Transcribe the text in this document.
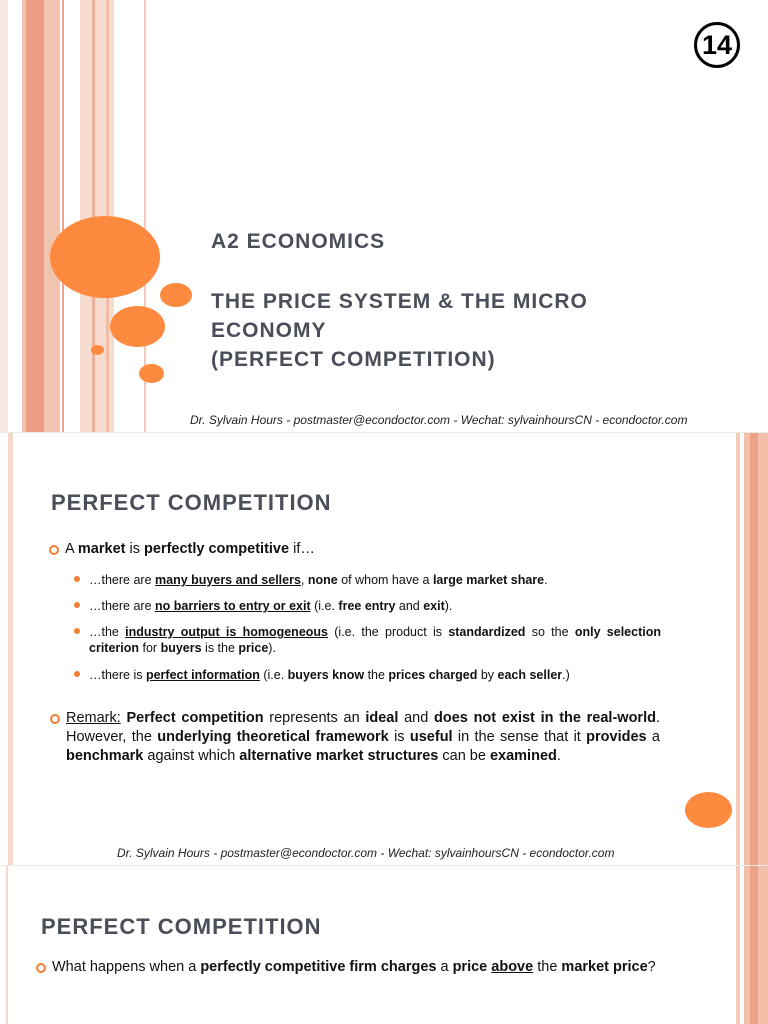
14
A2 ECONOMICS
THE PRICE SYSTEM & THE MICRO
ECONOMY
(PERFECT COMPETITION)
Dr. Sylvain Hours - postmaster@econdoctor.com - Wechat: sylvainhoursCN - econdoctor.com
PERFECT COMPETITION
A market is perfectly competitive if…
…there are many buyers and sellers, none of whom have a large market share.
…there are no barriers to entry or exit (i.e. free entry and exit).
…the industry output is homogeneous (i.e. the product is standardized so the only selection criterion for buyers is the price).
…there is perfect information (i.e. buyers know the prices charged by each seller.)
Remark: Perfect competition represents an ideal and does not exist in the real-world. However, the underlying theoretical framework is useful in the sense that it provides a benchmark against which alternative market structures can be examined.
Dr. Sylvain Hours - postmaster@econdoctor.com - Wechat: sylvainhoursCN - econdoctor.com
PERFECT COMPETITION
What happens when a perfectly competitive firm charges a price above the market price?
